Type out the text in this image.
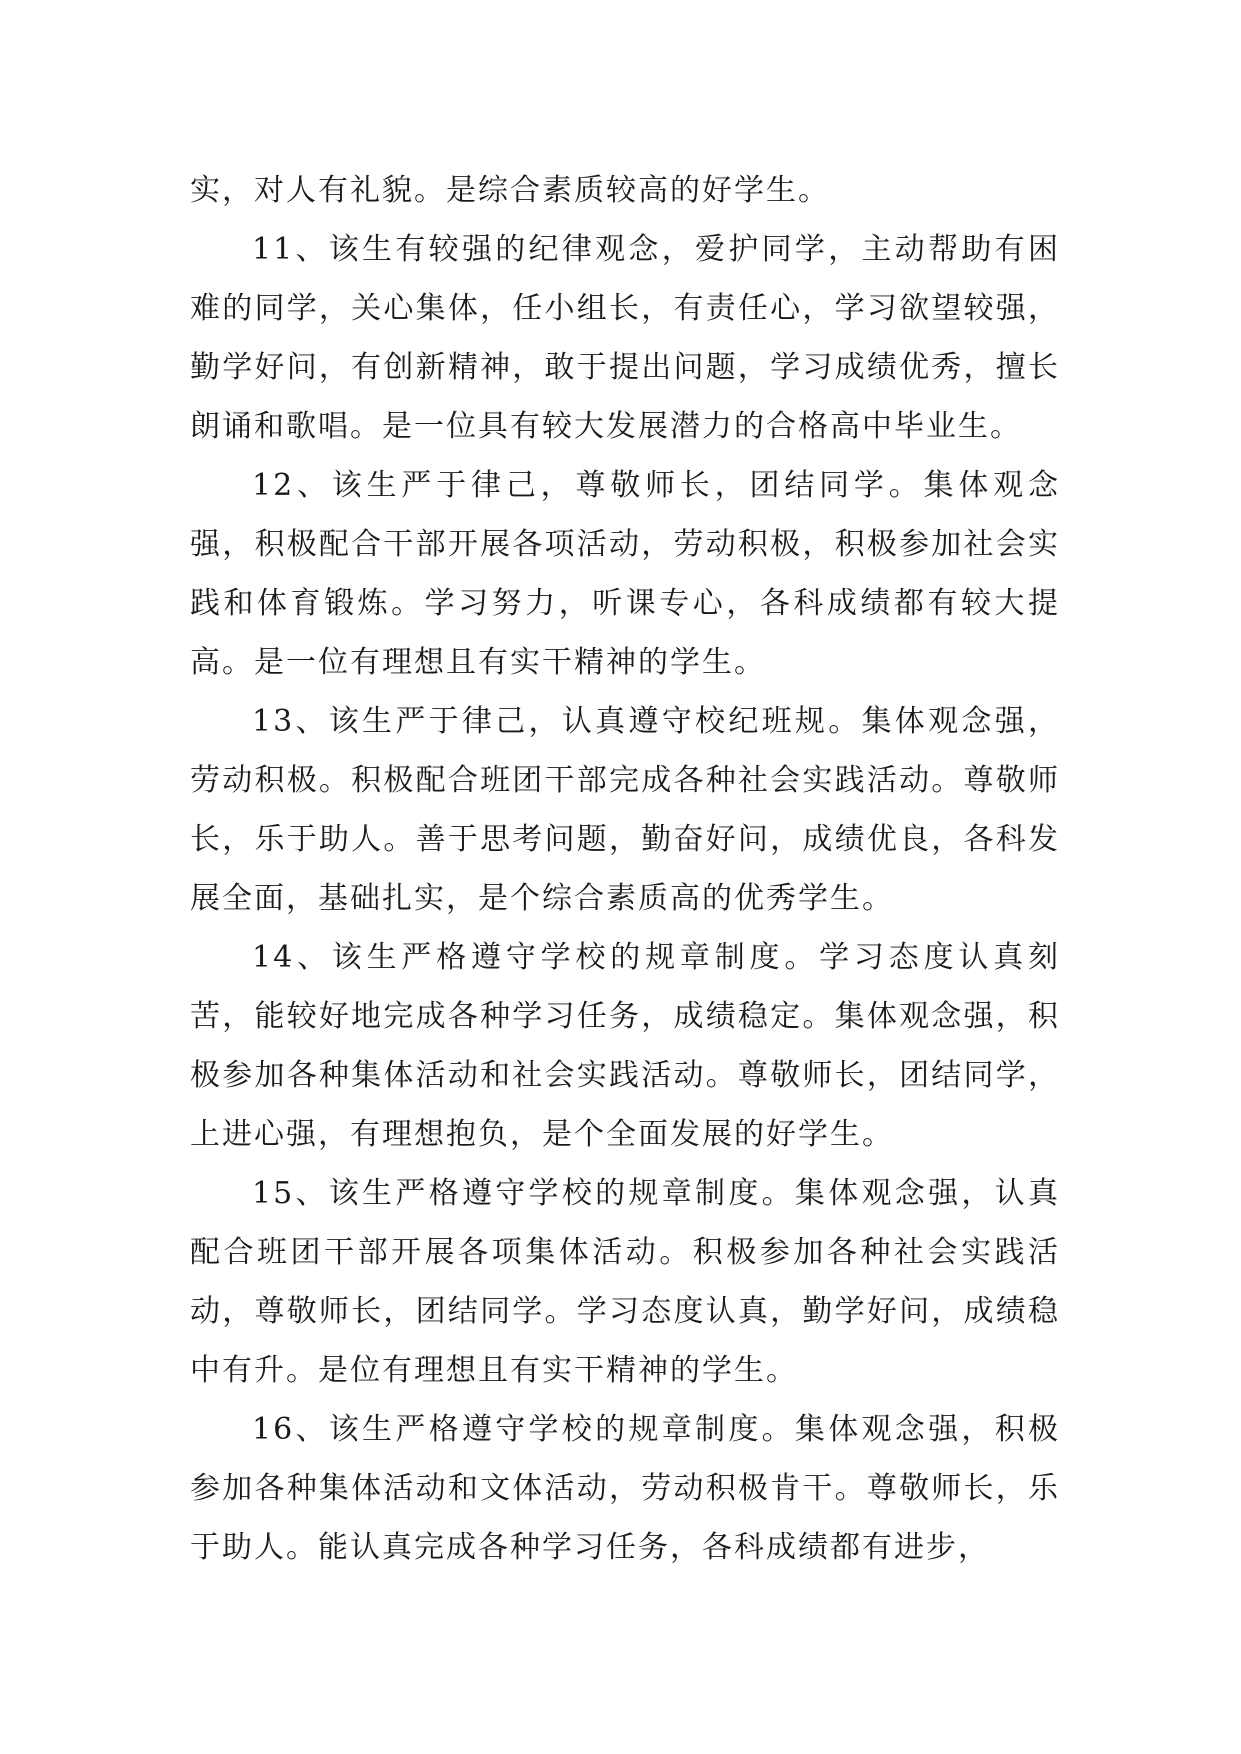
实，对人有礼貌。是综合素质较高的好学生。

11、该生有较强的纪律观念，爱护同学，主动帮助有困难的同学，关心集体，任小组长，有责任心，学习欲望较强，勤学好问，有创新精神，敢于提出问题，学习成绩优秀，擅长朗诵和歌唱。是一位具有较大发展潜力的合格高中毕业生。

12、该生严于律己，尊敬师长，团结同学。集体观念强，积极配合干部开展各项活动，劳动积极，积极参加社会实践和体育锻炼。学习努力，听课专心，各科成绩都有较大提高。是一位有理想且有实干精神的学生。

13、该生严于律己，认真遵守校纪班规。集体观念强，劳动积极。积极配合班团干部完成各种社会实践活动。尊敬师长，乐于助人。善于思考问题，勤奋好问，成绩优良，各科发展全面，基础扎实，是个综合素质高的优秀学生。

14、该生严格遵守学校的规章制度。学习态度认真刻苦，能较好地完成各种学习任务，成绩稳定。集体观念强，积极参加各种集体活动和社会实践活动。尊敬师长，团结同学，上进心强，有理想抱负，是个全面发展的好学生。

15、该生严格遵守学校的规章制度。集体观念强，认真配合班团干部开展各项集体活动。积极参加各种社会实践活动，尊敬师长，团结同学。学习态度认真，勤学好问，成绩稳中有升。是位有理想且有实干精神的学生。

16、该生严格遵守学校的规章制度。集体观念强，积极参加各种集体活动和文体活动，劳动积极肯干。尊敬师长，乐于助人。能认真完成各种学习任务，各科成绩都有进步，
